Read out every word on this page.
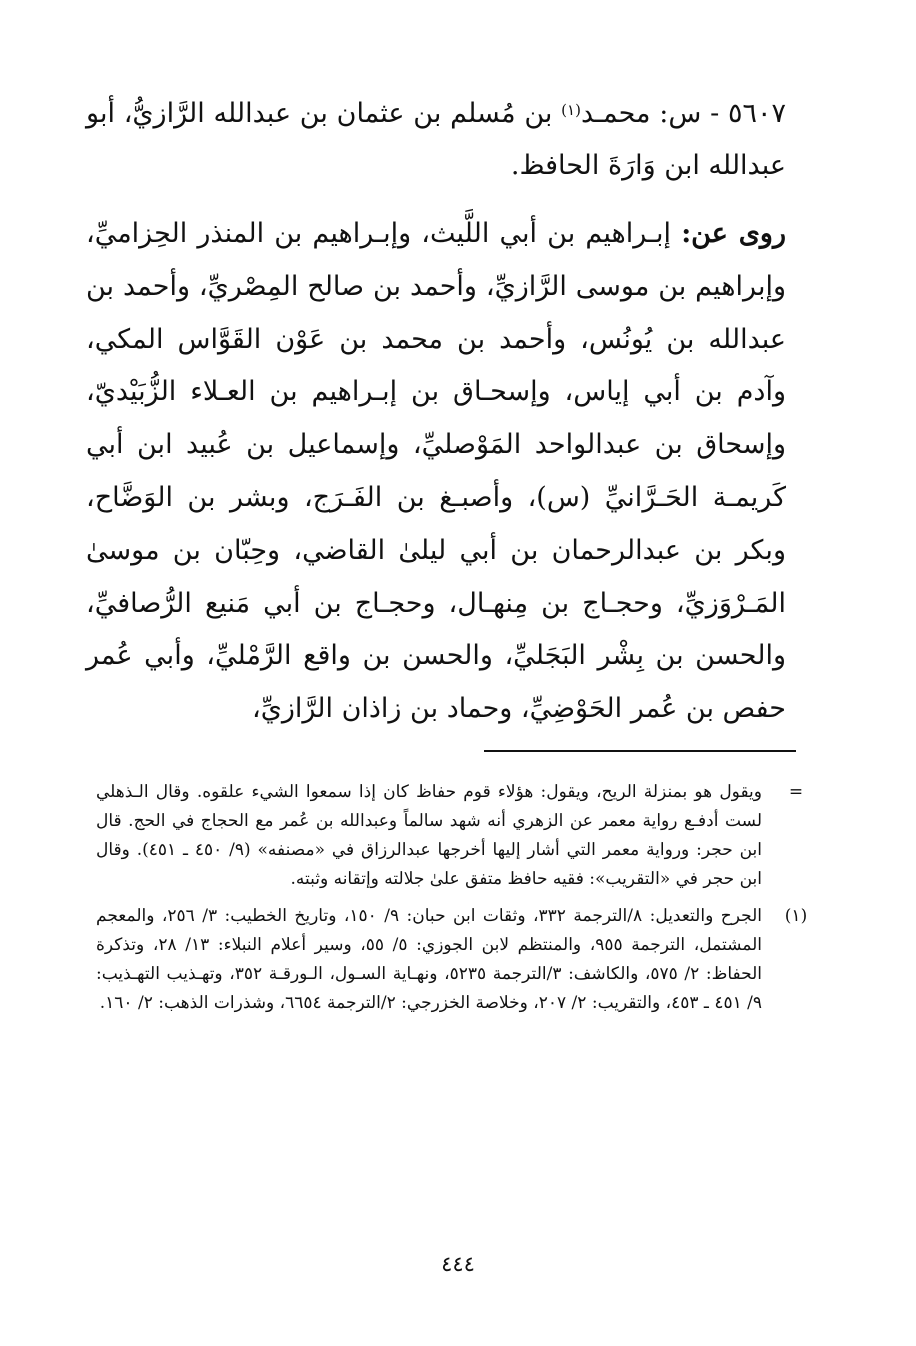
٥٦٠٧ - س: محمـد$^{(١)}$ بن مُسلم بن عثمان بن عبدالله الرَّازيُّ، أبو عبدالله ابن وَارَةَ الحافظ.

روى عن: إبـراهيم بن أبي اللَّيث، وإبـراهيم بن المنذر الحِزاميِّ، وإبراهيم بن موسى الرَّازيِّ، وأحمد بن صالح المِصْريِّ، وأحمد بن عبدالله بن يُونُس، وأحمد بن محمد بن عَوْن القَوَّاس المكي، وآدم بن أبي إياس، وإسحـاق بن إبـراهيم بن العـلاء الزُّبَيْديّ، وإسحاق بن عبدالواحد المَوْصليِّ، وإسماعيل بن عُبيد ابن أبي كَريمـة الحَـرَّانيِّ (س)، وأصبـغ بن الفَـرَج، وبشر بن الوَضَّاح، وبكر بن عبدالرحمان بن أبي ليلىٰ القاضي، وحِبّان بن موسىٰ المَـرْوَزيِّ، وحجـاج بن مِنهـال، وحجـاج بن أبي مَنيع الرُّصافيِّ، والحسن بن بِشْر البَجَليِّ، والحسن بن واقع الرَّمْليِّ، وأبي عُمر حفص بن عُمر الحَوْضِيِّ، وحماد بن زاذان الرَّازيِّ،

=
ويقول هو بمنزلة الريح، ويقول: هؤلاء قوم حفاظ كان إذا سمعوا الشيء علقوه. وقال الـذهلي لست أدفـع رواية معمر عن الزهري أنه شهد سالماً وعبدالله بن عُمر مع الحجاج في الحج. قال ابن حجر: ورواية معمر التي أشار إليها أخرجها عبدالرزاق في «مصنفه» (٩/ ٤٥٠ ـ ٤٥١). وقال ابن حجر في «التقريب»: فقيه حافظ متفق علىٰ جلالته وإتقانه وثبته.
(١)
الجرح والتعديل: ٨/الترجمة ٣٣٢، وثقات ابن حبان: ٩/ ١٥٠، وتاريخ الخطيب: ٣/ ٢٥٦، والمعجم المشتمل، الترجمة ٩٥٥، والمنتظم لابن الجوزي: ٥/ ٥٥، وسير أعلام النبلاء: ١٣/ ٢٨، وتذكرة الحفاظ: ٢/ ٥٧٥، والكاشف: ٣/الترجمة ٥٢٣٥، ونهـاية السـول، الـورقـة ٣٥٢، وتهـذيب التهـذيب: ٩/ ٤٥١ ـ ٤٥٣، والتقريب: ٢/ ٢٠٧، وخلاصة الخزرجي: ٢/الترجمة ٦٦٥٤، وشذرات الذهب: ٢/ ١٦٠.
٤٤٤
